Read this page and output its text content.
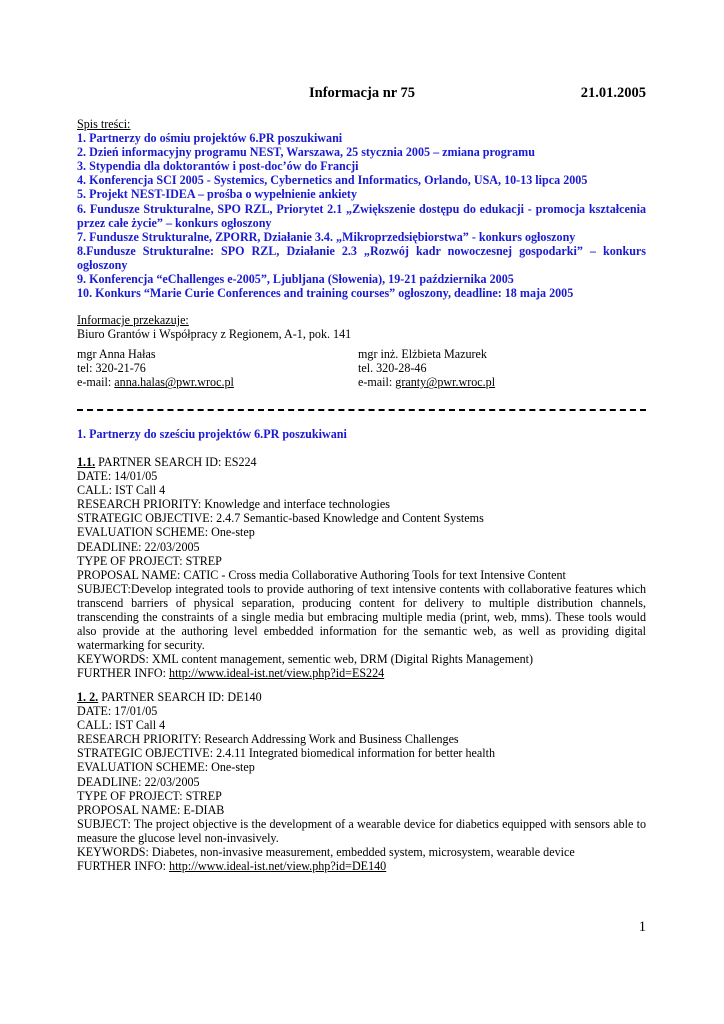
Informacja nr 75	21.01.2005
Spis treści:
1. Partnerzy do ośmiu projektów 6.PR poszukiwani
2. Dzień informacyjny programu NEST, Warszawa, 25 stycznia 2005 – zmiana programu
3. Stypendia dla doktorantów i post-doc’ów do Francji
4. Konferencja SCI 2005 - Systemics, Cybernetics and Informatics, Orlando, USA, 10-13 lipca 2005
5. Projekt NEST-IDEA – prośba o wypełnienie ankiety
6. Fundusze Strukturalne, SPO RZL, Priorytet 2.1 „Zwiększenie dostępu do edukacji - promocja kształcenia przez całe życie” – konkurs ogłoszony
7. Fundusze Strukturalne, ZPORR, Działanie 3.4. „Mikroprzedsiębiorstwa” - konkurs ogłoszony
8.Fundusze Strukturalne: SPO RZL, Działanie 2.3 „Rozwój kadr nowoczesnej gospodarki” – konkurs ogłoszony
9. Konferencja “eChallenges e-2005”, Ljubljana (Słowenia), 19-21 października 2005
10. Konkurs “Marie Curie Conferences and training courses” ogłoszony, deadline: 18 maja 2005
Informacje przekazuje:
Biuro Grantów i Współpracy z Regionem, A-1, pok. 141
mgr Anna Hałas
tel: 320-21-76
e-mail: anna.halas@pwr.wroc.pl
mgr inż. Elżbieta Mazurek
tel. 320-28-46
e-mail: granty@pwr.wroc.pl
1. Partnerzy do sześciu projektów 6.PR poszukiwani
1.1. PARTNER SEARCH ID: ES224
DATE: 14/01/05
CALL: IST Call 4
RESEARCH PRIORITY: Knowledge and interface technologies
STRATEGIC OBJECTIVE: 2.4.7 Semantic-based Knowledge and Content Systems
EVALUATION SCHEME: One-step
DEADLINE: 22/03/2005
TYPE OF PROJECT: STREP
PROPOSAL NAME: CATIC - Cross media Collaborative Authoring Tools for text Intensive Content
SUBJECT:Develop integrated tools to provide authoring of text intensive contents with collaborative features which transcend barriers of physical separation, producing content for delivery to multiple distribution channels, transcending the constraints of a single media but embracing multiple media (print, web, mms). These tools would also provide at the authoring level embedded information for the semantic web, as well as providing digital watermarking for security.
KEYWORDS: XML content management, sementic web, DRM (Digital Rights Management)
FURTHER INFO: http://www.ideal-ist.net/view.php?id=ES224
1. 2. PARTNER SEARCH ID: DE140
DATE: 17/01/05
CALL: IST Call 4
RESEARCH PRIORITY: Research Addressing Work and Business Challenges
STRATEGIC OBJECTIVE: 2.4.11 Integrated biomedical information for better health
EVALUATION SCHEME: One-step
DEADLINE: 22/03/2005
TYPE OF PROJECT: STREP
PROPOSAL NAME: E-DIAB
SUBJECT: The project objective is the development of a wearable device for diabetics equipped with sensors able to measure the glucose level non-invasively.
KEYWORDS: Diabetes, non-invasive measurement, embedded system, microsystem, wearable device
FURTHER INFO: http://www.ideal-ist.net/view.php?id=DE140
1
